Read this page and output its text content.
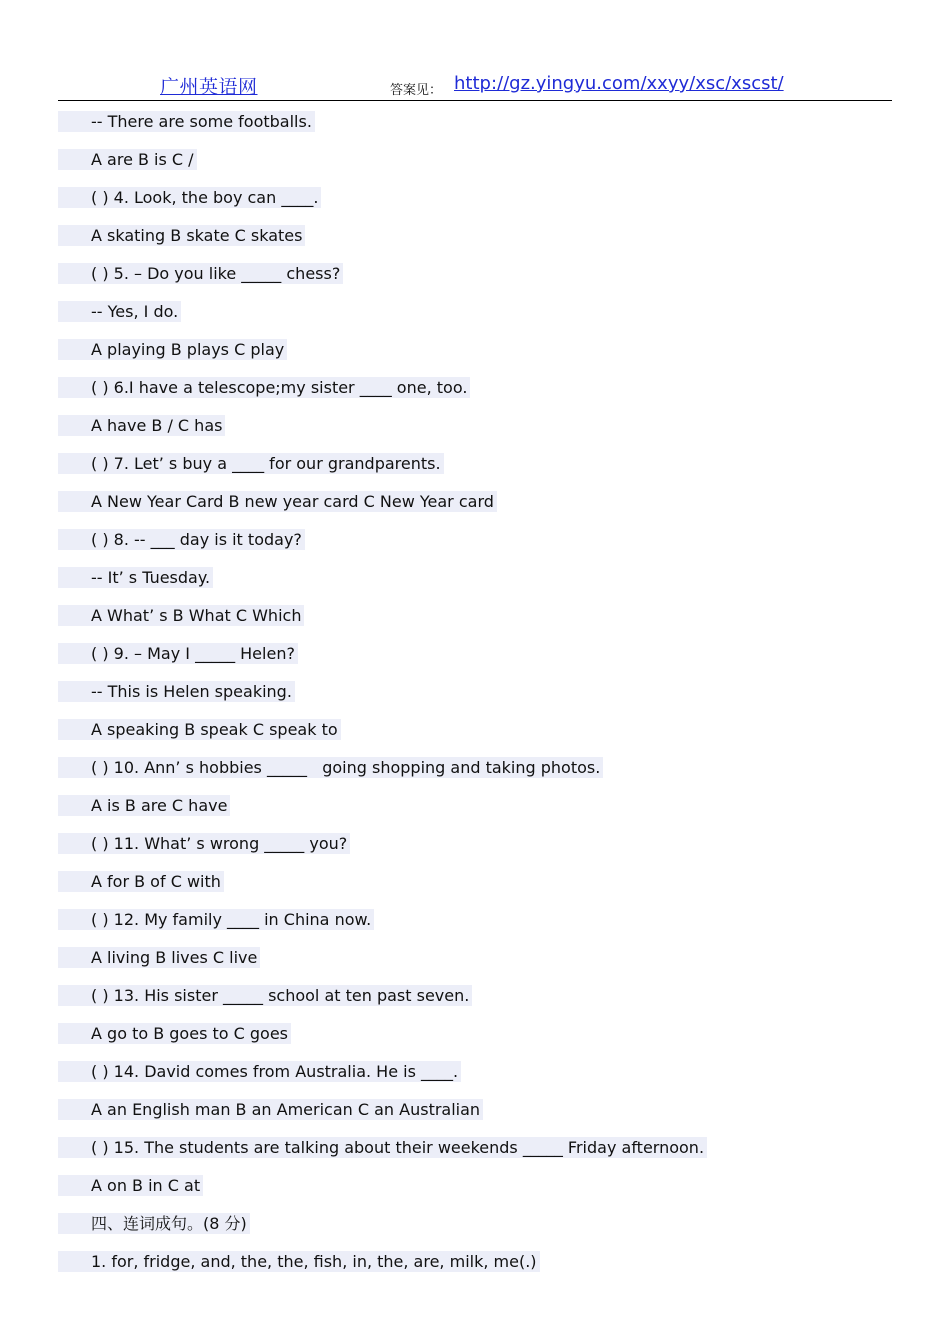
广州英语网	答案见： http://gz.yingyu.com/xxyy/xsc/xscst/
-- There are some footballs.
A are B is C /
( ) 4. Look, the boy can ____.
A skating B skate C skates
( ) 5. – Do you like _____ chess?
-- Yes, I do.
A playing B plays C play
( ) 6.I have a telescope;my sister ____ one, too.
A have B / C has
( ) 7. Let’ s buy a ____ for our grandparents.
A New Year Card B new year card C New Year card
( ) 8. -- ___ day is it today?
-- It’ s Tuesday.
A What’ s B What C Which
( ) 9. – May I _____ Helen?
-- This is Helen speaking.
A speaking B speak C speak to
( ) 10. Ann’ s hobbies _____   going shopping and taking photos.
A is B are C have
( ) 11. What’ s wrong _____ you?
A for B of C with
( ) 12. My family ____ in China now.
A living B lives C live
( ) 13. His sister _____ school at ten past seven.
A go to B goes to C goes
( ) 14. David comes from Australia. He is ____.
A an English man B an American C an Australian
( ) 15. The students are talking about their weekends _____ Friday afternoon.
A on B in C at
四、连词成句。(8 分)
1. for, fridge, and, the, the, fish, in, the, are, milk, me(.)
